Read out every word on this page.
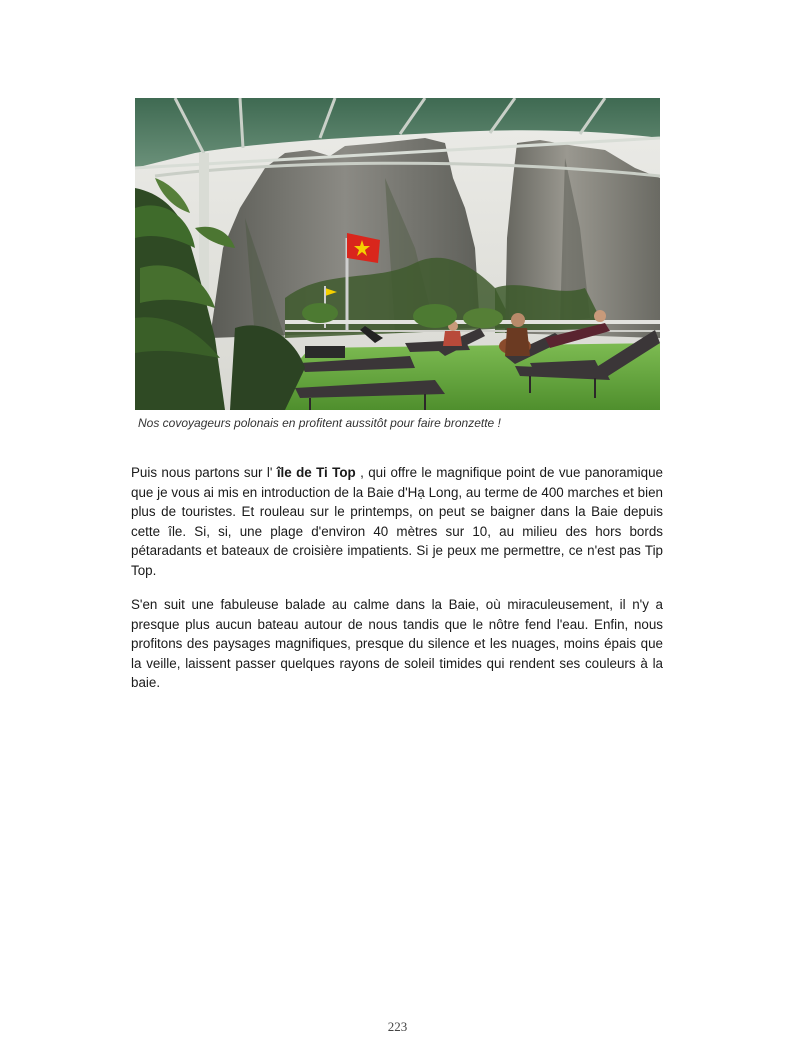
Nos covoyageurs polonais en profitent aussitôt pour faire bronzette !

Puis nous partons sur l' île de Ti Top , qui offre le magnifique point de vue panoramique que je vous ai mis en introduction de la Baie d'Hạ Long, au terme de 400 marches et bien plus de touristes. Et rouleau sur le printemps, on peut se baigner dans la Baie depuis cette île. Si, si, une plage d'environ 40 mètres sur 10, au milieu des hors bords pétaradants et bateaux de croisière impatients. Si je peux me permettre, ce n'est pas Tip Top.

S'en suit une fabuleuse balade au calme dans la Baie, où miraculeusement, il n'y a presque plus aucun bateau autour de nous tandis que le nôtre fend l'eau. Enfin, nous profitons des paysages magnifiques, presque du silence et les nuages, moins épais que la veille, laissent passer quelques rayons de soleil timides qui rendent ses couleurs à la baie.

223
